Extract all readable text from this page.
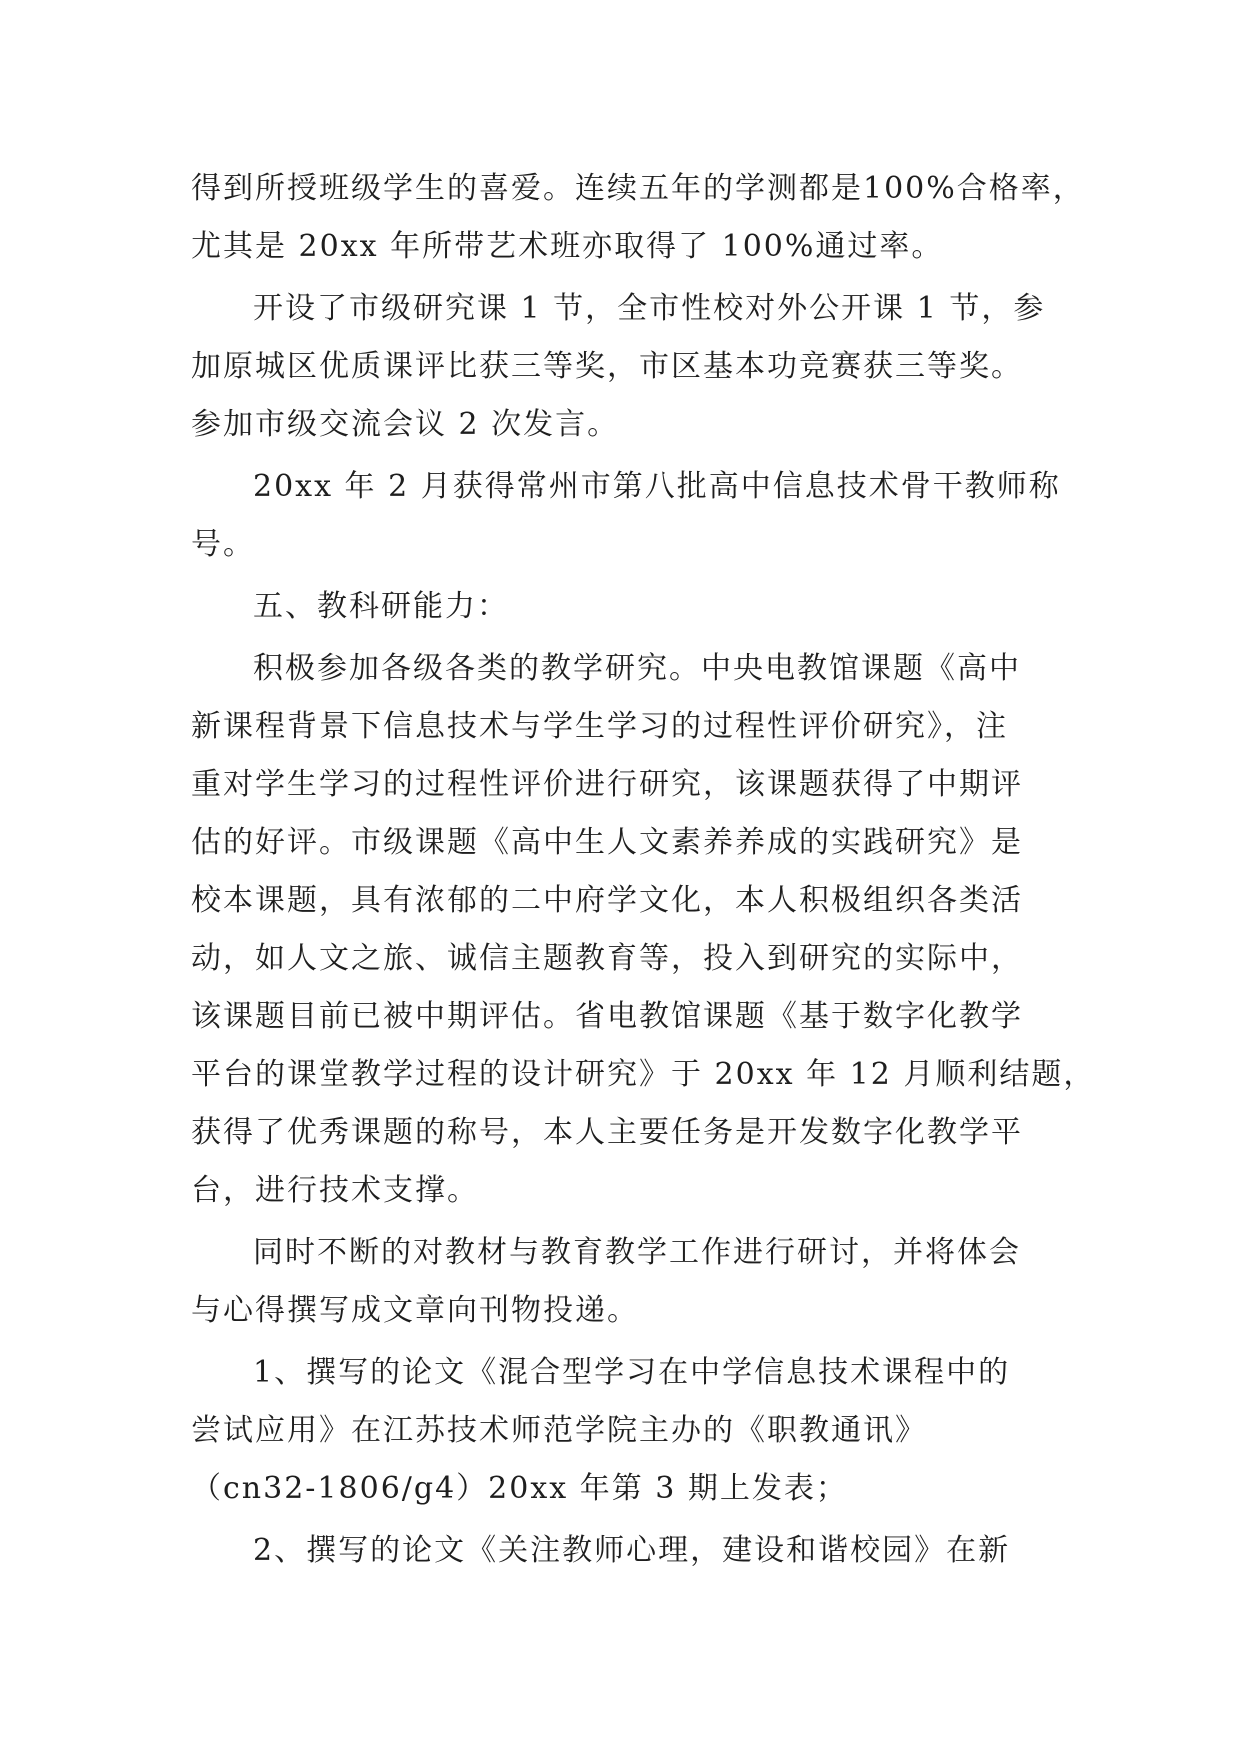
得到所授班级学生的喜爱。连续五年的学测都是100%合格率，
尤其是 20xx 年所带艺术班亦取得了 100%通过率。
开设了市级研究课 1 节，全市性校对外公开课 1 节，参
加原城区优质课评比获三等奖，市区基本功竞赛获三等奖。
参加市级交流会议 2 次发言。
20xx 年 2 月获得常州市第八批高中信息技术骨干教师称
号。
五、教科研能力：
积极参加各级各类的教学研究。中央电教馆课题《高中
新课程背景下信息技术与学生学习的过程性评价研究》，注
重对学生学习的过程性评价进行研究，该课题获得了中期评
估的好评。市级课题《高中生人文素养养成的实践研究》是
校本课题，具有浓郁的二中府学文化，本人积极组织各类活
动，如人文之旅、诚信主题教育等，投入到研究的实际中，
该课题目前已被中期评估。省电教馆课题《基于数字化教学
平台的课堂教学过程的设计研究》于 20xx 年 12 月顺利结题，
获得了优秀课题的称号，本人主要任务是开发数字化教学平
台，进行技术支撑。
同时不断的对教材与教育教学工作进行研讨，并将体会
与心得撰写成文章向刊物投递。
1、撰写的论文《混合型学习在中学信息技术课程中的
尝试应用》在江苏技术师范学院主办的《职教通讯》
（cn32-1806/g4）20xx 年第 3 期上发表；
2、撰写的论文《关注教师心理，建设和谐校园》在新
